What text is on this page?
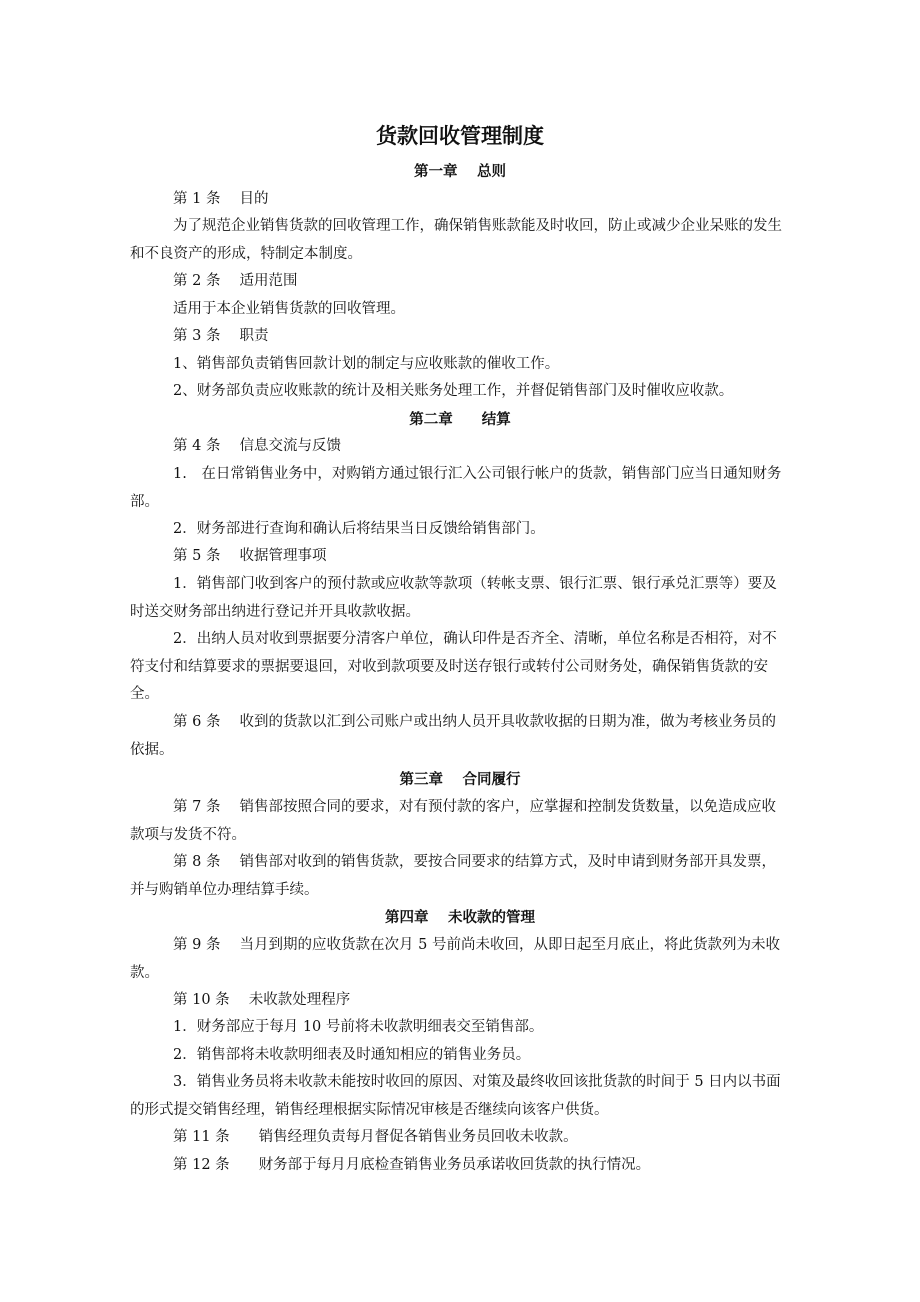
货款回收管理制度
第一章　 总则
第 1 条　 目的
为了规范企业销售货款的回收管理工作，确保销售账款能及时收回，防止或减少企业呆账的发生和不良资产的形成，特制定本制度。
第 2 条　 适用范围
适用于本企业销售货款的回收管理。
第 3 条　 职责
1、销售部负责销售回款计划的制定与应收账款的催收工作。
2、财务部负责应收账款的统计及相关账务处理工作，并督促销售部门及时催收应收款。
第二章　　结算
第 4 条　 信息交流与反馈
1.　在日常销售业务中，对购销方通过银行汇入公司银行帐户的货款，销售部门应当日通知财务部。
2．财务部进行查询和确认后将结果当日反馈给销售部门。
第 5 条　 收据管理事项
1．销售部门收到客户的预付款或应收款等款项（转帐支票、银行汇票、银行承兑汇票等）要及时送交财务部出纳进行登记并开具收款收据。
2．出纳人员对收到票据要分清客户单位，确认印件是否齐全、清晰，单位名称是否相符，对不符支付和结算要求的票据要退回，对收到款项要及时送存银行或转付公司财务处，确保销售货款的安全。
第 6 条　 收到的货款以汇到公司账户或出纳人员开具收款收据的日期为准，做为考核业务员的依据。
第三章　 合同履行
第 7 条　 销售部按照合同的要求，对有预付款的客户，应掌握和控制发货数量，以免造成应收款项与发货不符。
第 8 条　 销售部对收到的销售货款，要按合同要求的结算方式，及时申请到财务部开具发票，并与购销单位办理结算手续。
第四章　 未收款的管理
第 9 条　 当月到期的应收货款在次月 5 号前尚未收回，从即日起至月底止，将此货款列为未收款。
第 10 条　 未收款处理程序
1．财务部应于每月 10 号前将未收款明细表交至销售部。
2．销售部将未收款明细表及时通知相应的销售业务员。
3．销售业务员将未收款未能按时收回的原因、对策及最终收回该批货款的时间于 5 日内以书面的形式提交销售经理，销售经理根据实际情况审核是否继续向该客户供货。
第 11 条　　销售经理负责每月督促各销售业务员回收未收款。
第 12 条　　财务部于每月月底检查销售业务员承诺收回货款的执行情况。
